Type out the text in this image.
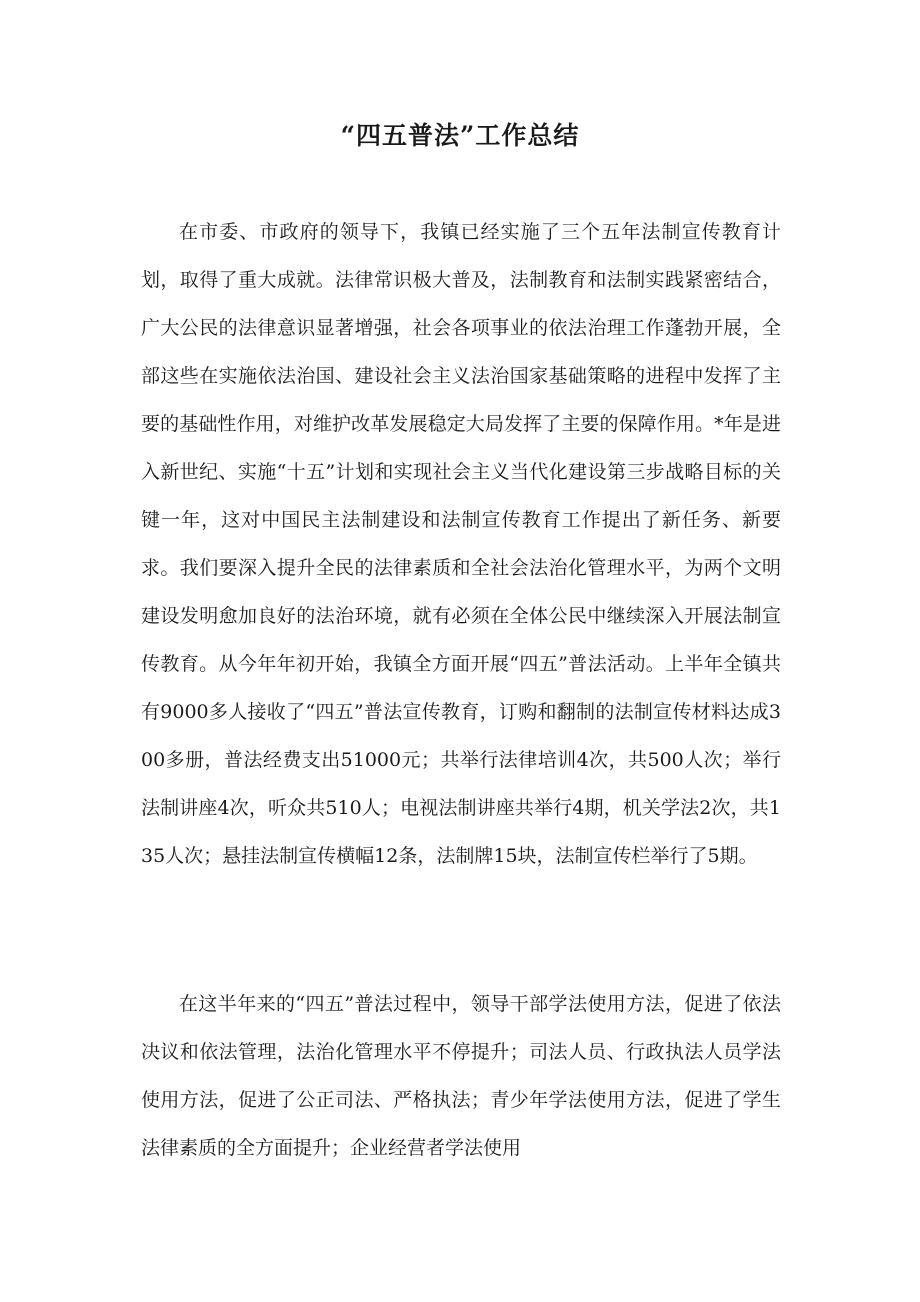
“四五普法”工作总结

在市委、市政府的领导下，我镇已经实施了三个五年法制宣传教育计划，取得了重大成就。法律常识极大普及，法制教育和法制实践紧密结合，广大公民的法律意识显著增强，社会各项事业的依法治理工作蓬勃开展，全部这些在实施依法治国、建设社会主义法治国家基础策略的进程中发挥了主要的基础性作用，对维护改革发展稳定大局发挥了主要的保障作用。*年是进入新世纪、实施“十五”计划和实现社会主义当代化建设第三步战略目标的关键一年，这对中国民主法制建设和法制宣传教育工作提出了新任务、新要求。我们要深入提升全民的法律素质和全社会法治化管理水平，为两个文明建设发明愈加良好的法治环境，就有必须在全体公民中继续深入开展法制宣传教育。从今年年初开始，我镇全方面开展“四五”普法活动。上半年全镇共有9000多人接收了“四五”普法宣传教育，订购和翻制的法制宣传材料达成300多册，普法经费支出51000元；共举行法律培训4次，共500人次；举行法制讲座4次，听众共510人；电视法制讲座共举行4期，机关学法2次，共135人次；悬挂法制宣传横幅12条，法制牌15块，法制宣传栏举行了5期。

在这半年来的“四五”普法过程中，领导干部学法使用方法，促进了依法决议和依法管理，法治化管理水平不停提升；司法人员、行政执法人员学法使用方法，促进了公正司法、严格执法；青少年学法使用方法，促进了学生法律素质的全方面提升；企业经营者学法使用
